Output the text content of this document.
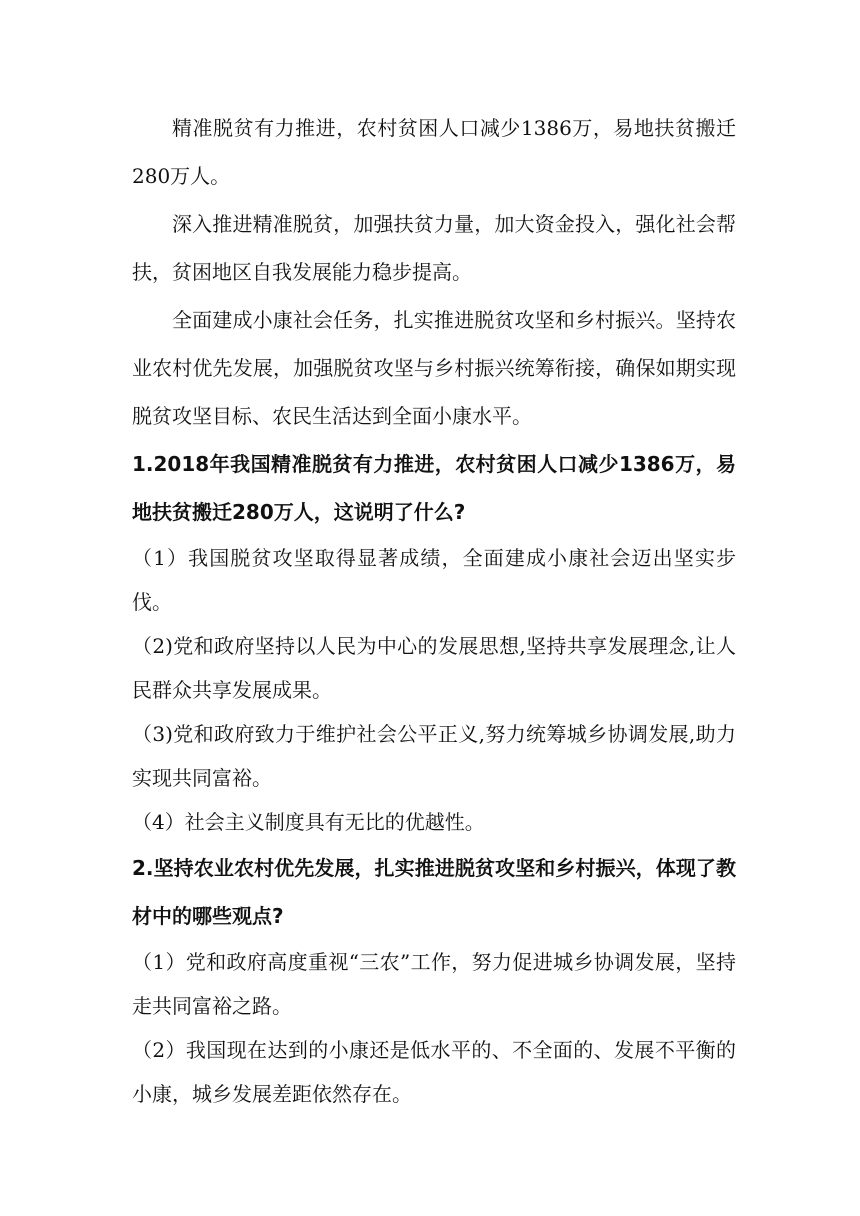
精准脱贫有力推进，农村贫困人口减少1386万，易地扶贫搬迁280万人。

深入推进精准脱贫，加强扶贫力量，加大资金投入，强化社会帮扶，贫困地区自我发展能力稳步提高。

全面建成小康社会任务，扎实推进脱贫攻坚和乡村振兴。坚持农业农村优先发展，加强脱贫攻坚与乡村振兴统筹衔接，确保如期实现脱贫攻坚目标、农民生活达到全面小康水平。

1.2018年我国精准脱贫有力推进，农村贫困人口减少1386万，易地扶贫搬迁280万人，这说明了什么?

（1）我国脱贫攻坚取得显著成绩，全面建成小康社会迈出坚实步伐。

（2)党和政府坚持以人民为中心的发展思想,坚持共享发展理念,让人民群众共享发展成果。

（3)党和政府致力于维护社会公平正义,努力统筹城乡协调发展,助力实现共同富裕。

（4）社会主义制度具有无比的优越性。

2.坚持农业农村优先发展，扎实推进脱贫攻坚和乡村振兴，体现了教材中的哪些观点?

（1）党和政府高度重视“三农”工作，努力促进城乡协调发展，坚持走共同富裕之路。

（2）我国现在达到的小康还是低水平的、不全面的、发展不平衡的小康，城乡发展差距依然存在。
